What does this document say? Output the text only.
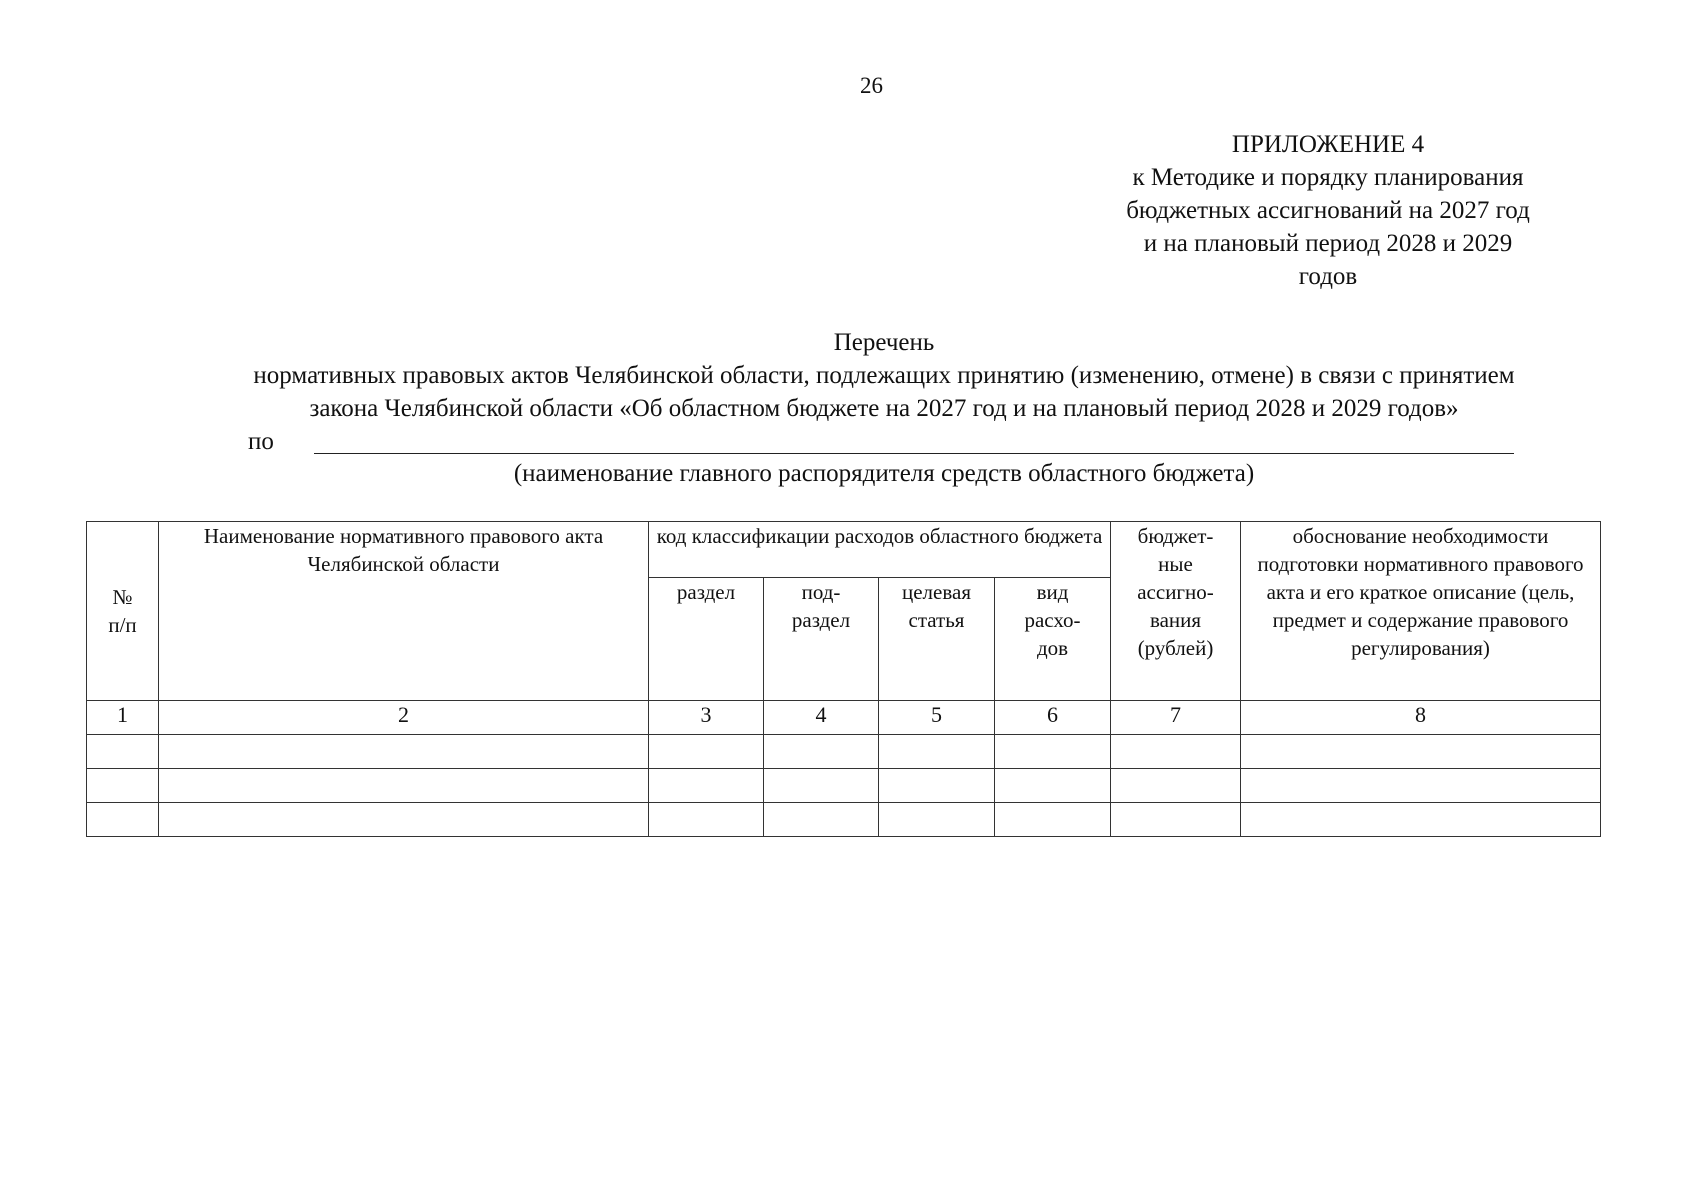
26
ПРИЛОЖЕНИЕ 4
к Методике и порядку планирования
бюджетных ассигнований на 2027 год
и на плановый период 2028 и 2029
годов
Перечень
нормативных правовых актов Челябинской области, подлежащих принятию (изменению, отмене) в связи с принятием
закона Челябинской области «Об областном бюджете на 2027 год и на плановый период 2028 и 2029 годов»
по
(наименование главного распорядителя средств областного бюджета)
№ п/п	Наименование нормативного правового акта Челябинской области	код классификации расходов областного бюджета				бюджет-ные ассигно-вания (рублей)	обоснование необходимости подготовки нормативного правового акта и его краткое описание (цель, предмет и содержание правового регулирования)
		раздел	под-раздел	целевая статья	вид расхо-дов		
1	2	3	4	5	6	7	8
